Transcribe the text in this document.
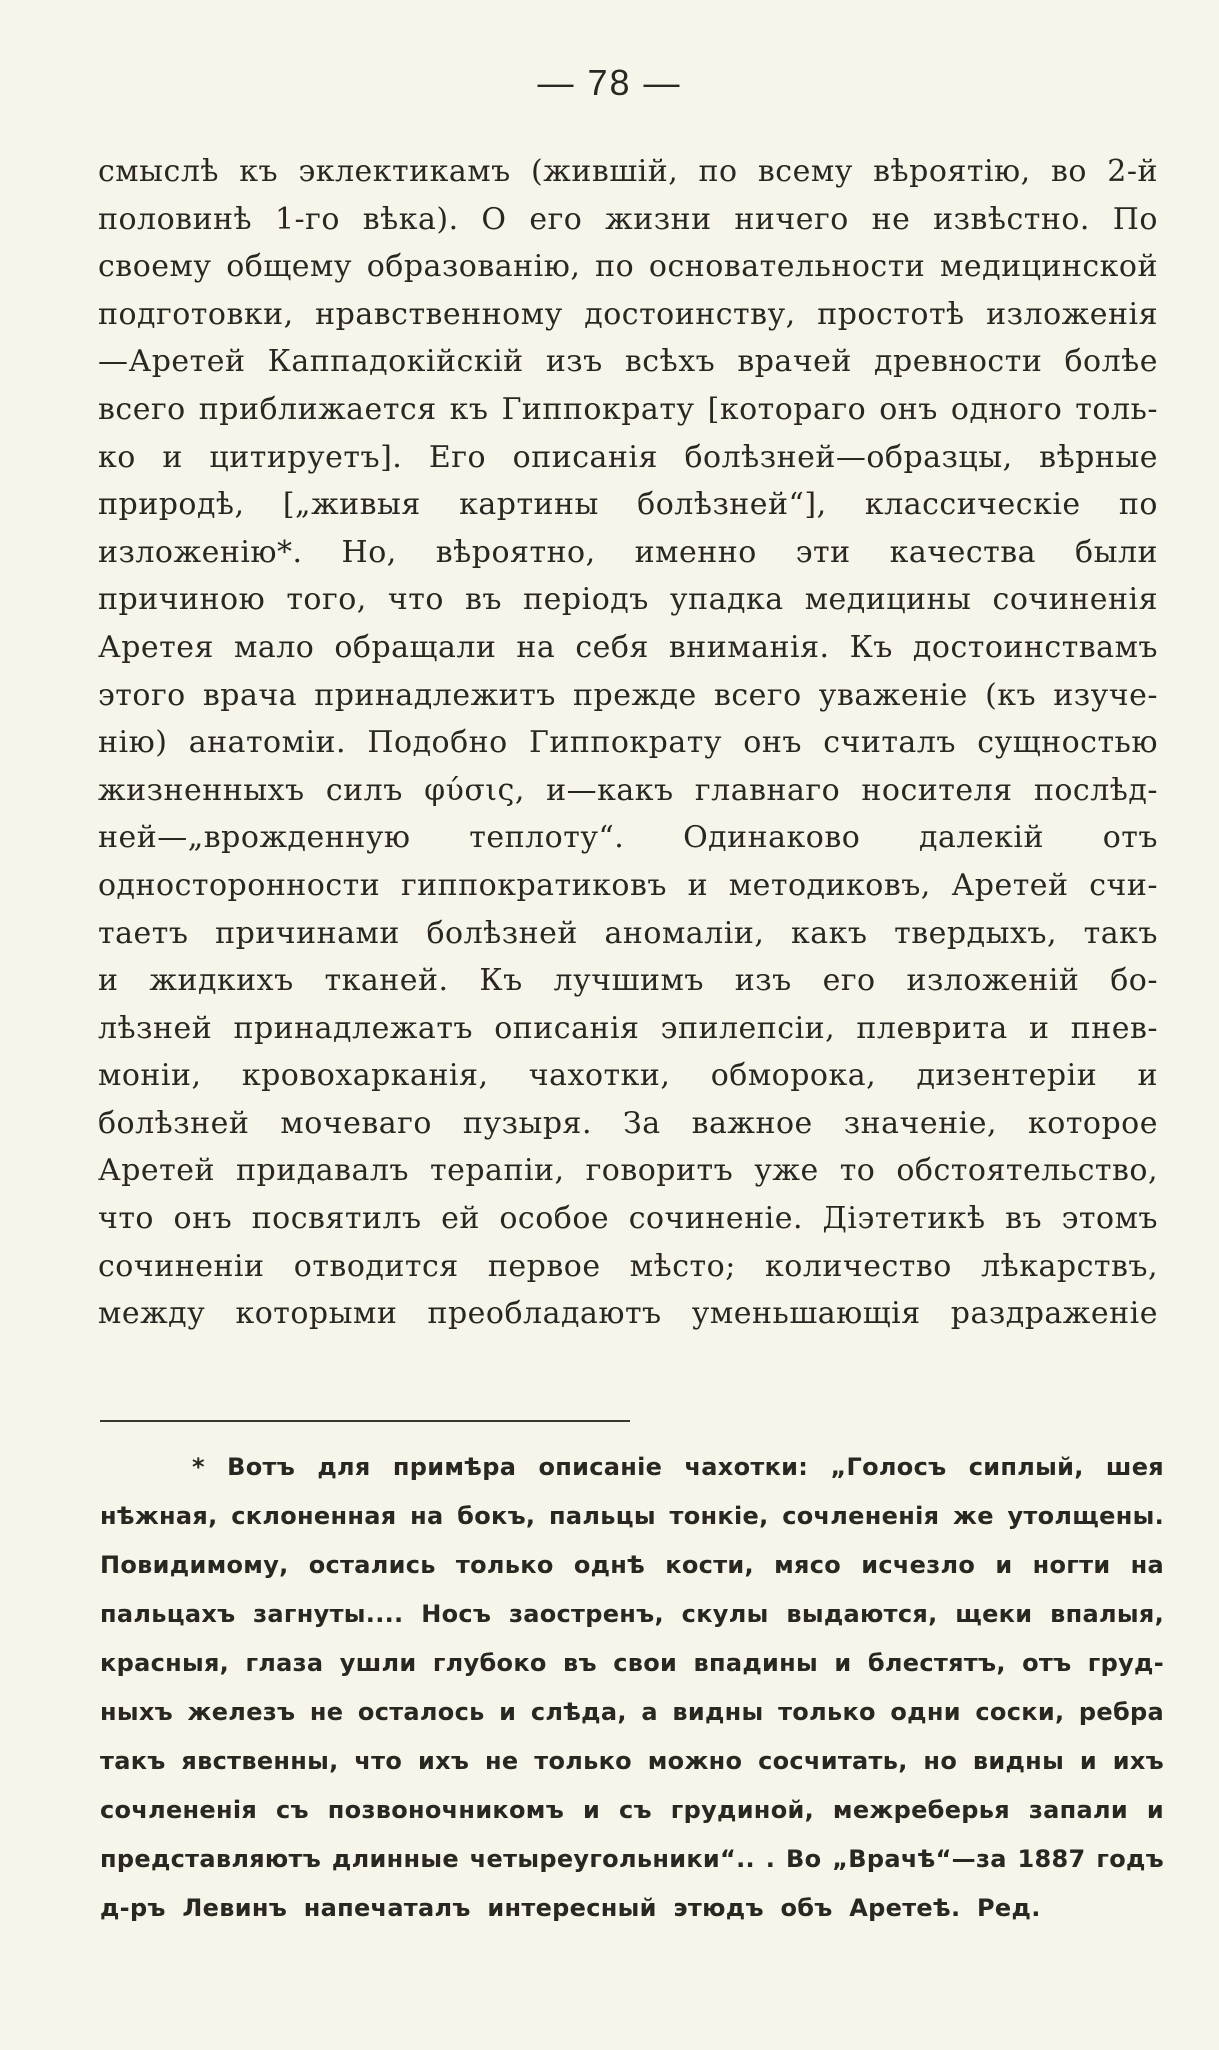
— 78 —
смыслѣ къ эклектикамъ (жившій, по всему вѣроятію, во 2-й
половинѣ 1-го вѣка). О его жизни ничего не извѣстно. По
своему общему образованію, по основательности медицинской
подготовки, нравственному достоинству, простотѣ изложенія
—Аретей Каппадокійскій изъ всѣхъ врачей древности болѣе
всего приближается къ Гиппократу [котораго онъ одного толь-
ко и цитируетъ]. Его описанія болѣзней—образцы, вѣрные
природѣ, [„живыя картины болѣзней“], классическіе по
изложенію*. Но, вѣроятно, именно эти качества были
причиною того, что въ періодъ упадка медицины сочиненія
Аретея мало обращали на себя вниманія. Къ достоинствамъ
этого врача принадлежитъ прежде всего уваженіе (къ изуче-
нію) анатоміи. Подобно Гиппократу онъ считалъ сущностью
жизненныхъ силъ φύσις, и—какъ главнаго носителя послѣд-
ней—„врожденную теплоту“. Одинаково далекій отъ
односторонности гиппократиковъ и методиковъ, Аретей счи-
таетъ причинами болѣзней аномаліи, какъ твердыхъ, такъ
и жидкихъ тканей. Къ лучшимъ изъ его изложеній бо-
лѣзней принадлежатъ описанія эпилепсіи, плеврита и пнев-
моніи, кровохарканія, чахотки, обморока, дизентеріи и
болѣзней мочеваго пузыря. За важное значеніе, которое
Аретей придавалъ терапіи, говоритъ уже то обстоятельство,
что онъ посвятилъ ей особое сочиненіе. Діэтетикѣ въ этомъ
сочиненіи отводится первое мѣсто; количество лѣкарствъ,
между которыми преобладаютъ уменьшающія раздраженіе
* Вотъ для примѣра описаніе чахотки: „Голосъ сиплый, шея
нѣжная, склоненная на бокъ, пальцы тонкіе, сочлененія же утолщены.
Повидимому, остались только однѣ кости, мясо исчезло и ногти на
пальцахъ загнуты.... Носъ заостренъ, скулы выдаются, щеки впалыя,
красныя, глаза ушли глубоко въ свои впадины и блестятъ, отъ груд-
ныхъ железъ не осталось и слѣда, а видны только одни соски, ребра
такъ явственны, что ихъ не только можно сосчитать, но видны и ихъ
сочлененія съ позвоночникомъ и съ грудиной, межреберья запали и
представляютъ длинные четыреугольники“.. . Во „Врачѣ“—за 1887 годъ
д-ръ Левинъ напечаталъ интересный этюдъ объ Аретеѣ. Ред.
